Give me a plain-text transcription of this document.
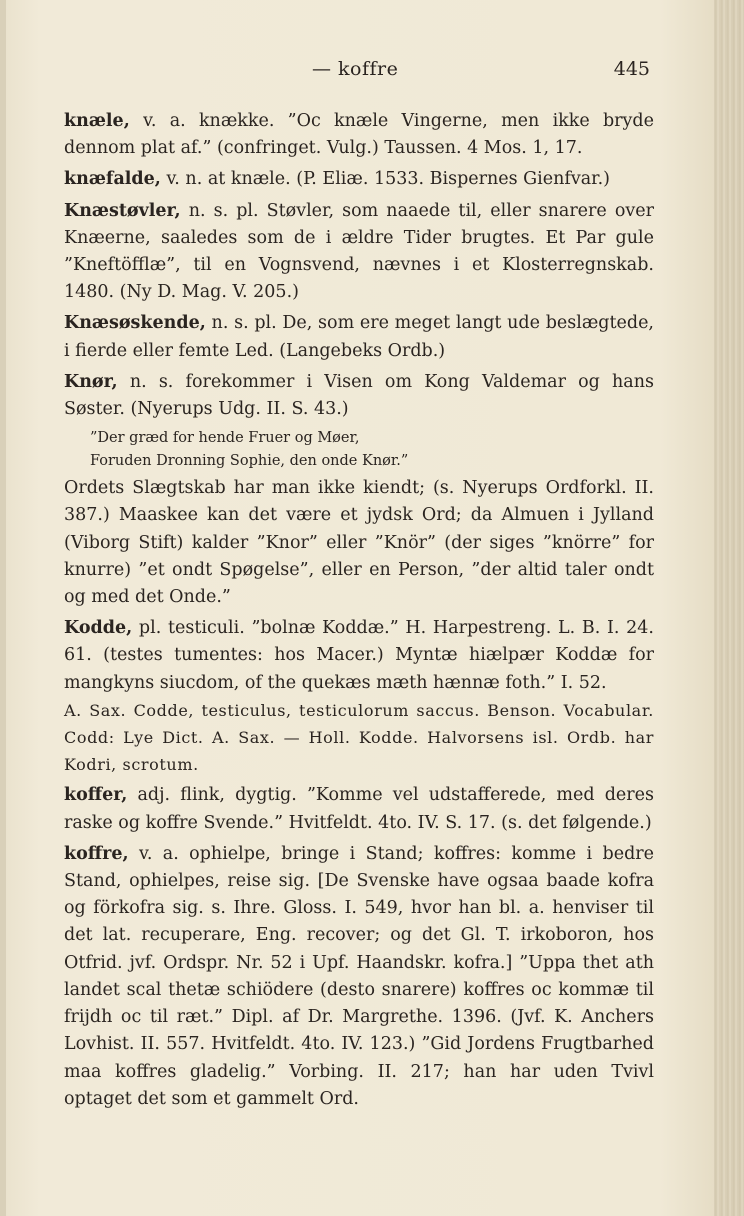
— koffre	445

knæle, v. a. knække. ”Oc knæle Vingerne, men ikke bryde dennom plat af.” (confringet. Vulg.) Taussen. 4 Mos. 1, 17.

knæfalde, v. n. at knæle. (P. Eliæ. 1533. Bispernes Gienfvar.)

Knæstøvler, n. s. pl. Støvler, som naaede til, eller snarere over Knæerne, saaledes som de i ældre Tider brugtes. Et Par gule ”Kneftöfflæ”, til en Vognsvend, nævnes i et Klosterregnskab. 1480. (Ny D. Mag. V. 205.)

Knæsøskende, n. s. pl. De, som ere meget langt ude beslægtede, i fierde eller femte Led. (Langebeks Ordb.)

Knør, n. s. forekommer i Visen om Kong Valdemar og hans Søster. (Nyerups Udg. II. S. 43.)

”Der græd for hende Fruer og Møer,
Foruden Dronning Sophie, den onde Knør.”

Ordets Slægtskab har man ikke kiendt; (s. Nyerups Ordforkl. II. 387.) Maaskee kan det være et jydsk Ord; da Almuen i Jylland (Viborg Stift) kalder ”Knor” eller ”Knör” (der siges ”knörre” for knurre) ”et ondt Spøgelse”, eller en Person, ”der altid taler ondt og med det Onde.”

Kodde, pl. testiculi. ”bolnæ Koddæ.” H. Harpestreng. L. B. I. 24. 61. (testes tumentes: hos Macer.) Myntæ hiælpær Koddæ for mangkyns siucdom, of the quekæs mæth hænnæ foth.” I. 52.
A. Sax. Codde, testiculus, testiculorum saccus. Benson. Vocabular. Codd: Lye Dict. A. Sax. — Holl. Kodde. Halvorsens isl. Ordb. har Kodri, scrotum.

koffer, adj. flink, dygtig. ”Komme vel udstafferede, med deres raske og koffre Svende.” Hvitfeldt. 4to. IV. S. 17. (s. det følgende.)

koffre, v. a. ophielpe, bringe i Stand; koffres: komme i bedre Stand, ophielpes, reise sig. [De Svenske have ogsaa baade kofra og förkofra sig. s. Ihre. Gloss. I. 549, hvor han bl. a. henviser til det lat. recuperare, Eng. recover; og det Gl. T. irkoboron, hos Otfrid. jvf. Ordspr. Nr. 52 i Upf. Haandskr. kofra.] ”Uppa thet ath landet scal thetæ schiödere (desto snarere) koffres oc kommæ til frijdh oc til ræt.” Dipl. af Dr. Margrethe. 1396. (Jvf. K. Anchers Lovhist. II. 557. Hvitfeldt. 4to. IV. 123.) ”Gid Jordens Frugtbarhed maa koffres gladelig.” Vorbing. II. 217; han har uden Tvivl optaget det som et gammelt Ord.
